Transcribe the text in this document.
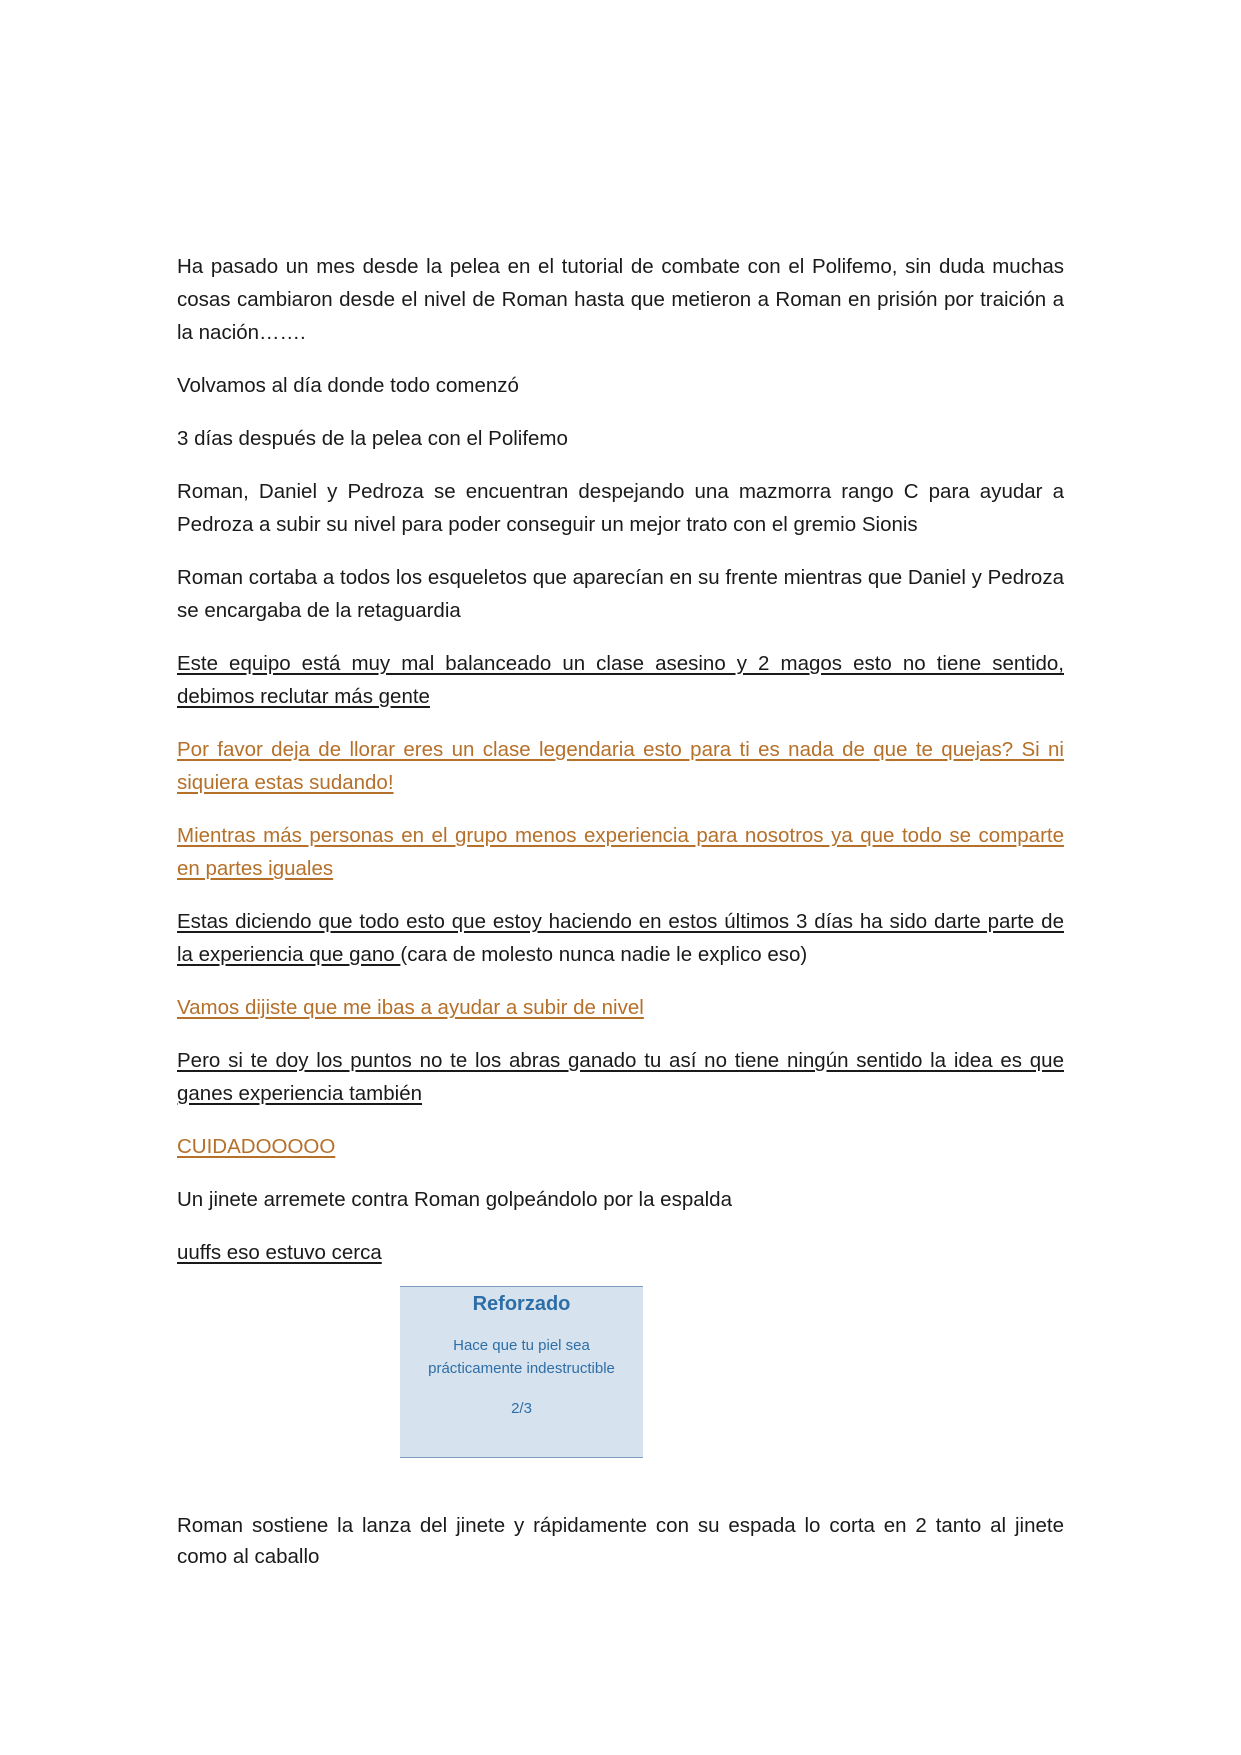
Ha pasado un mes desde la pelea en el tutorial de combate con el Polifemo, sin duda muchas cosas cambiaron desde el nivel de Roman hasta que metieron a Roman en prisión por traición a la nación…….

Volvamos al día donde todo comenzó

3 días después de la pelea con el Polifemo

Roman, Daniel y Pedroza se encuentran despejando una mazmorra rango C para ayudar a Pedroza a subir su nivel para poder conseguir un mejor trato con el gremio Sionis

Roman cortaba a todos los esqueletos que aparecían en su frente mientras que Daniel y Pedroza se encargaba de la retaguardia

Este equipo está muy mal balanceado un clase asesino y 2 magos esto no tiene sentido, debimos reclutar más gente

Por favor deja de llorar eres un clase legendaria esto para ti es nada de que te quejas? Si ni siquiera estas sudando!

Mientras más personas en el grupo menos experiencia para nosotros ya que todo se comparte en partes iguales

Estas diciendo que todo esto que estoy haciendo en estos últimos 3 días ha sido darte parte de la experiencia que gano (cara de molesto nunca nadie le explico eso)

Vamos dijiste que me ibas a ayudar a subir de nivel

Pero si te doy los puntos no te los abras ganado tu así no tiene ningún sentido la idea es que ganes experiencia también

CUIDADOOOOO

Un jinete arremete contra Roman golpeándolo por la espalda

uuffs eso estuvo cerca

Reforzado
Hace que tu piel sea
prácticamente indestructible
2/3

Roman sostiene la lanza del jinete y rápidamente con su espada lo corta en 2 tanto al jinete como al caballo
